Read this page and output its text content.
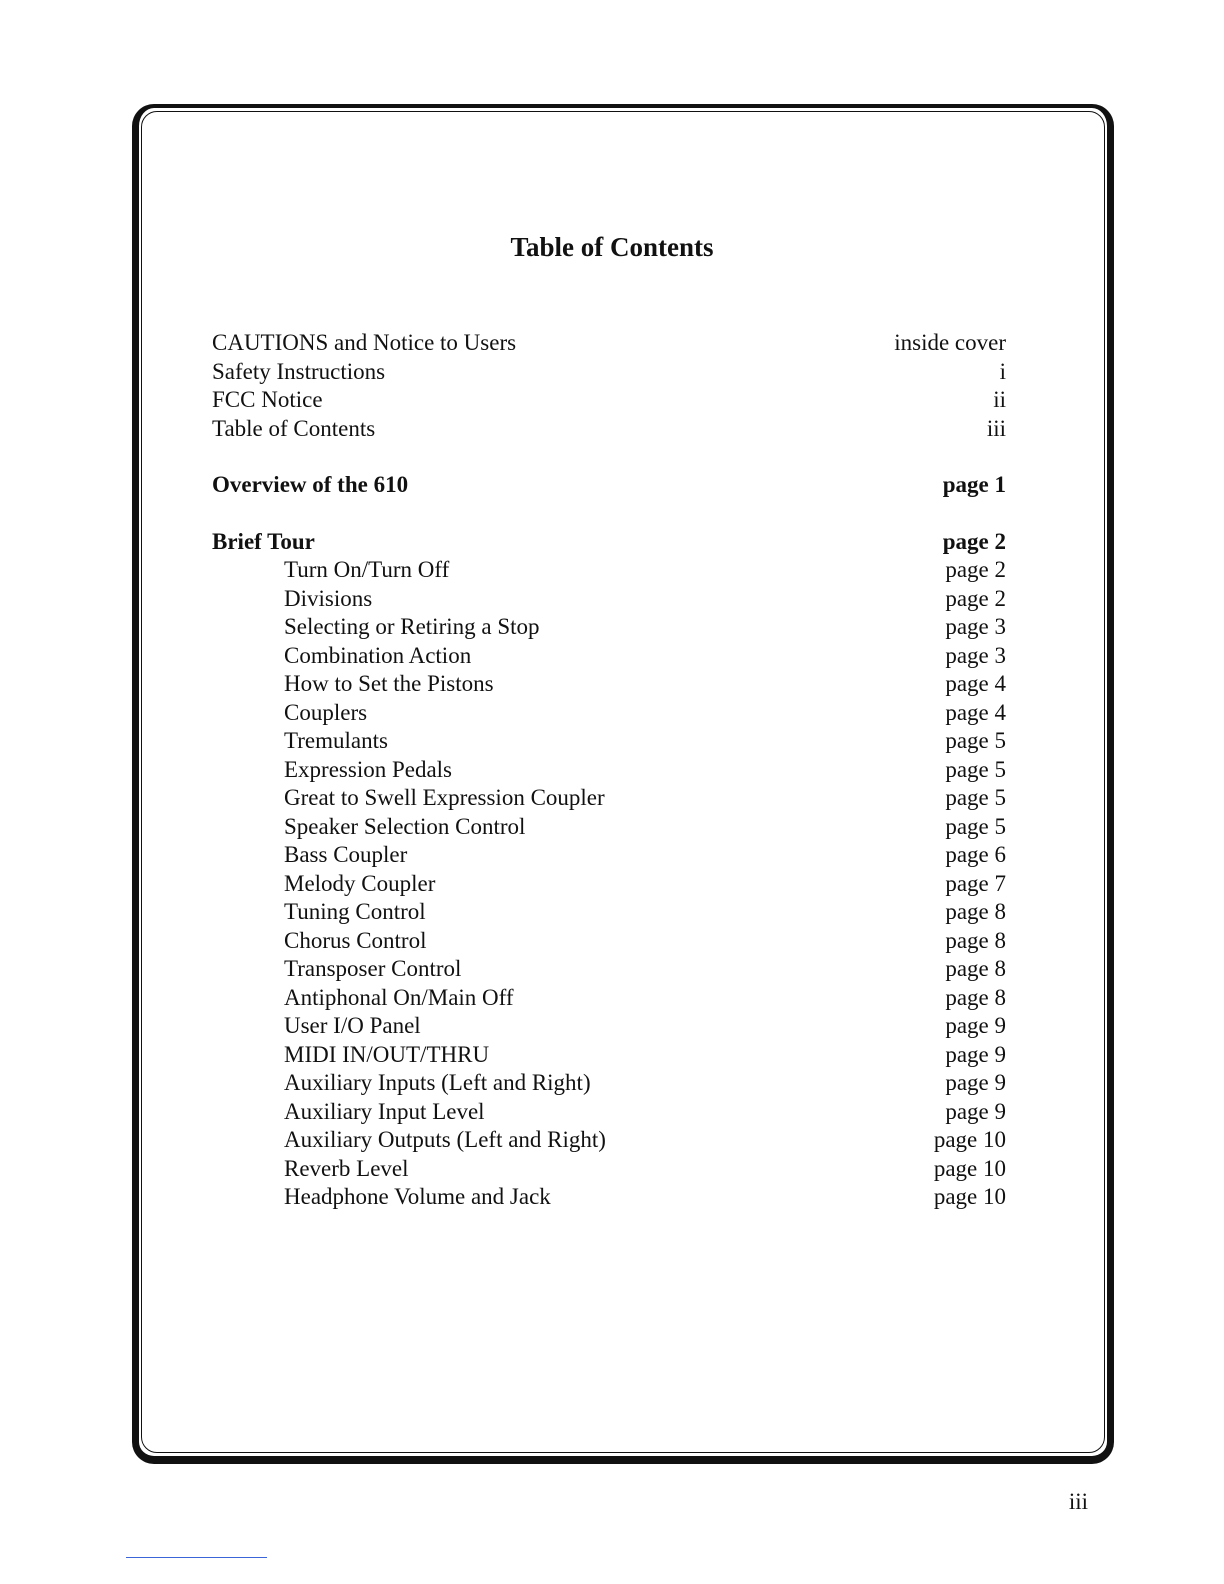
Table of Contents
CAUTIONS and Notice to Users	inside cover
Safety Instructions	i
FCC Notice	ii
Table of Contents	iii
Overview of the 610	page 1
Brief Tour	page 2
Turn On/Turn Off	page 2
Divisions	page 2
Selecting or Retiring a Stop	page 3
Combination Action	page 3
How to Set the Pistons	page 4
Couplers	page 4
Tremulants	page 5
Expression Pedals	page 5
Great to Swell Expression Coupler	page 5
Speaker Selection Control	page 5
Bass Coupler	page 6
Melody Coupler	page 7
Tuning Control	page 8
Chorus Control	page 8
Transposer Control	page 8
Antiphonal On/Main Off	page 8
User I/O Panel	page 9
MIDI IN/OUT/THRU	page 9
Auxiliary Inputs (Left and Right)	page 9
Auxiliary Input Level	page 9
Auxiliary Outputs (Left and Right)	page 10
Reverb Level	page 10
Headphone Volume and Jack	page 10
iii
